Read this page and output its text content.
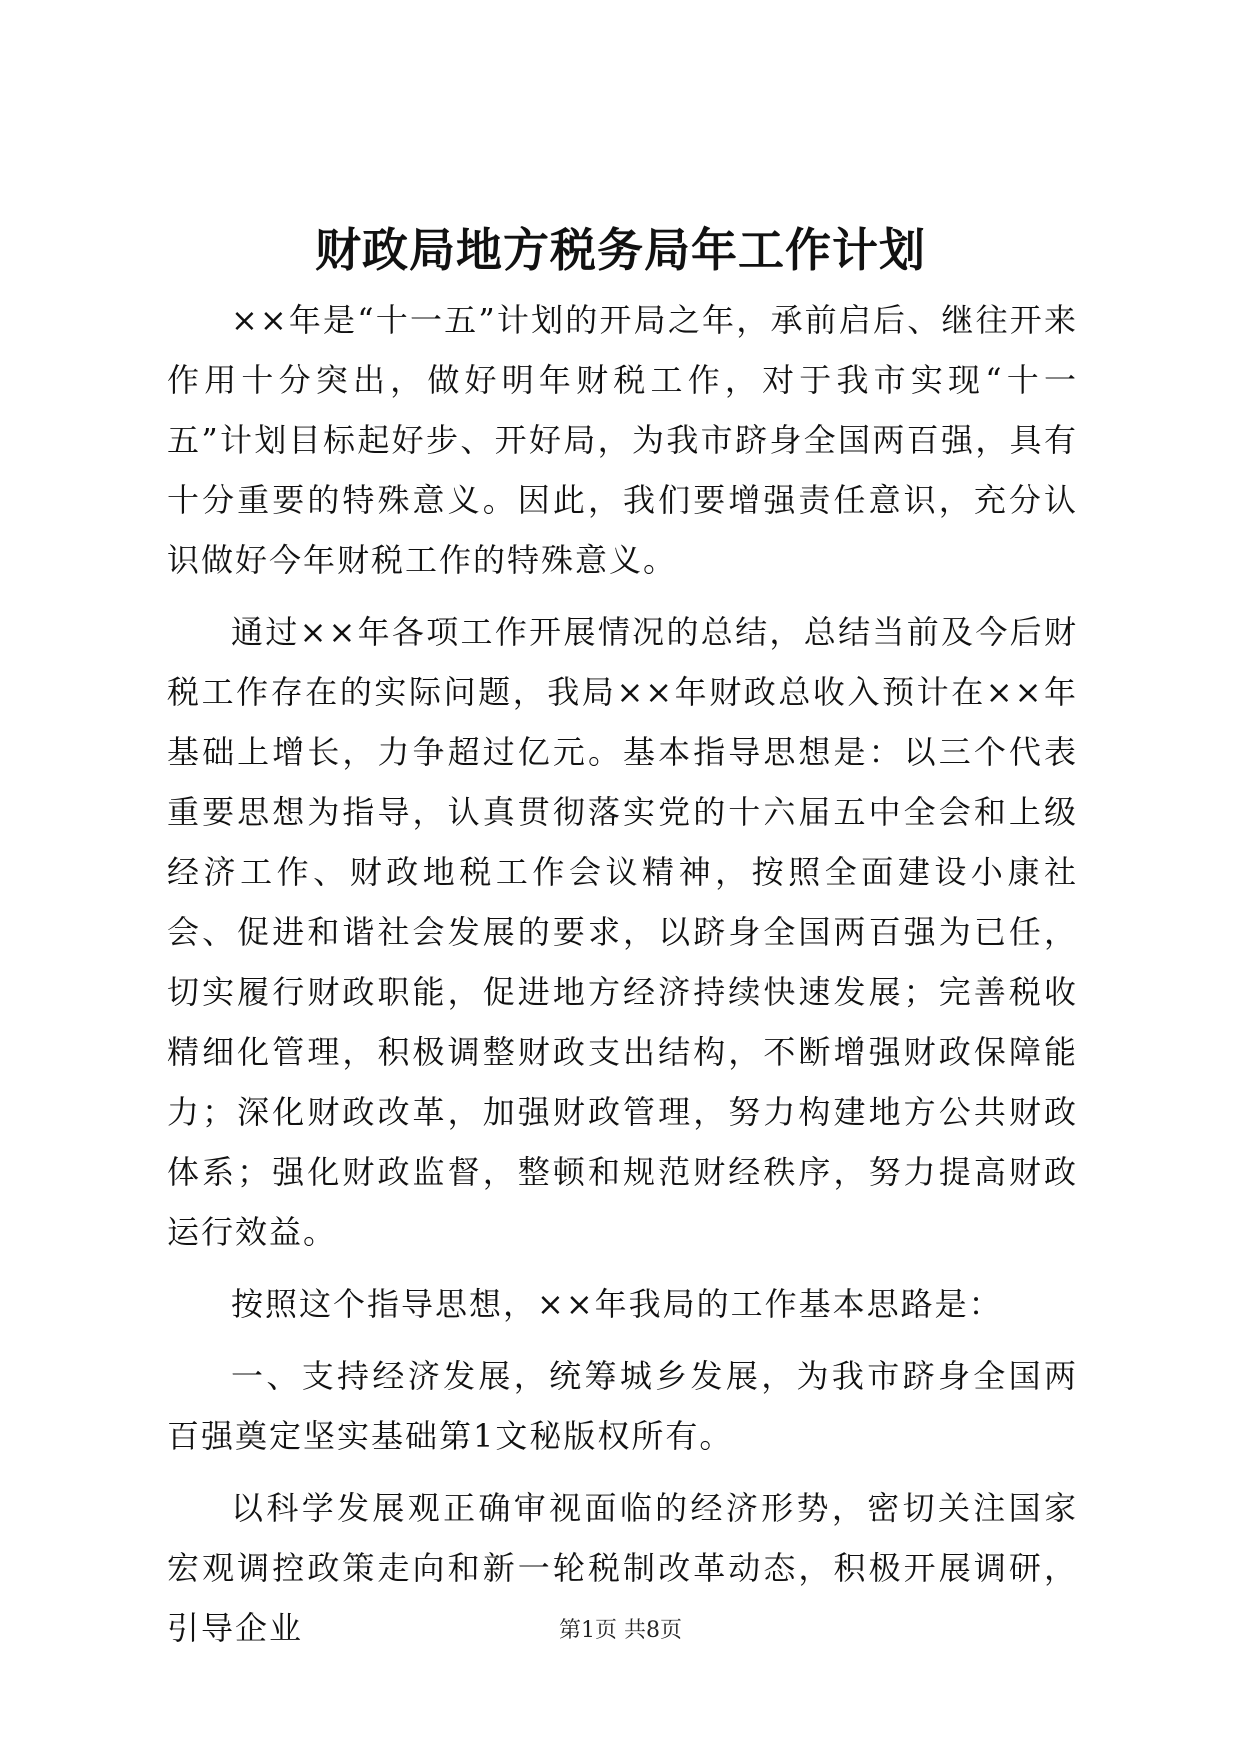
财政局地方税务局年工作计划

××年是“十一五”计划的开局之年，承前启后、继往开来作用十分突出，做好明年财税工作，对于我市实现“十一五”计划目标起好步、开好局，为我市跻身全国两百强，具有十分重要的特殊意义。因此，我们要增强责任意识，充分认识做好今年财税工作的特殊意义。

通过××年各项工作开展情况的总结，总结当前及今后财税工作存在的实际问题，我局××年财政总收入预计在××年基础上增长，力争超过亿元。基本指导思想是：以三个代表重要思想为指导，认真贯彻落实党的十六届五中全会和上级经济工作、财政地税工作会议精神，按照全面建设小康社会、促进和谐社会发展的要求，以跻身全国两百强为已任，切实履行财政职能，促进地方经济持续快速发展；完善税收精细化管理，积极调整财政支出结构，不断增强财政保障能力；深化财政改革，加强财政管理，努力构建地方公共财政体系；强化财政监督，整顿和规范财经秩序，努力提高财政运行效益。

按照这个指导思想，××年我局的工作基本思路是：

一、支持经济发展，统筹城乡发展，为我市跻身全国两百强奠定坚实基础第1文秘版权所有。

以科学发展观正确审视面临的经济形势，密切关注国家宏观调控政策走向和新一轮税制改革动态，积极开展调研，引导企业	第1页 共8页
